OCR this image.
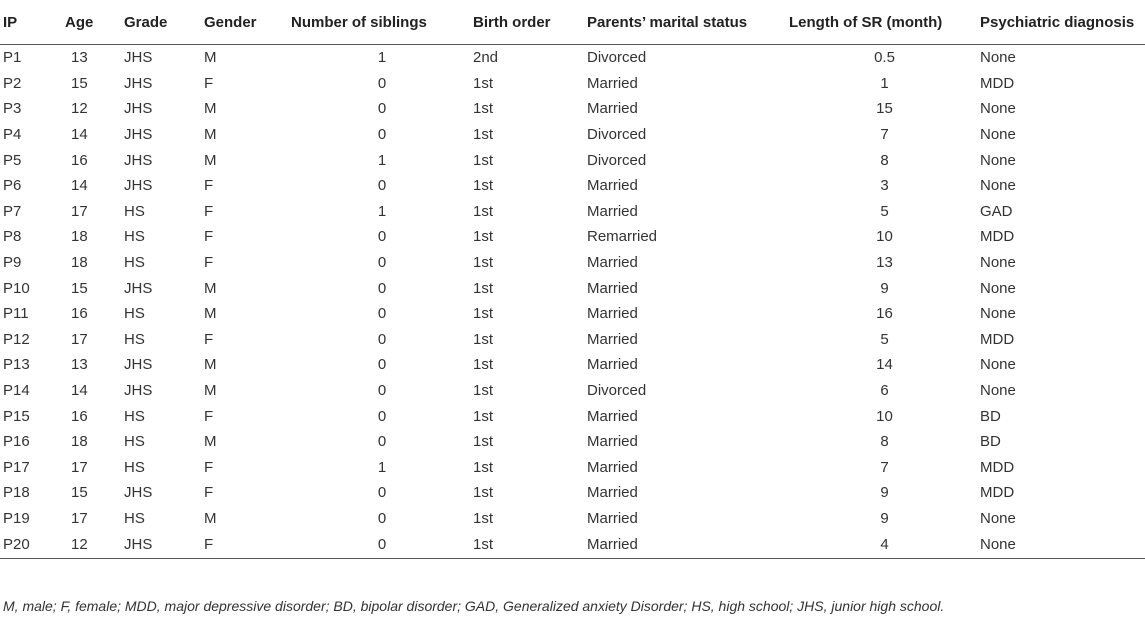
IP	Age	Grade	Gender	Number of siblings	Birth order	Parents’ marital status	Length of SR (month)	Psychiatric diagnosis
P1	13	JHS	M	1	2nd	Divorced	0.5	None
P2	15	JHS	F	0	1st	Married	1	MDD
P3	12	JHS	M	0	1st	Married	15	None
P4	14	JHS	M	0	1st	Divorced	7	None
P5	16	JHS	M	1	1st	Divorced	8	None
P6	14	JHS	F	0	1st	Married	3	None
P7	17	HS	F	1	1st	Married	5	GAD
P8	18	HS	F	0	1st	Remarried	10	MDD
P9	18	HS	F	0	1st	Married	13	None
P10	15	JHS	M	0	1st	Married	9	None
P11	16	HS	M	0	1st	Married	16	None
P12	17	HS	F	0	1st	Married	5	MDD
P13	13	JHS	M	0	1st	Married	14	None
P14	14	JHS	M	0	1st	Divorced	6	None
P15	16	HS	F	0	1st	Married	10	BD
P16	18	HS	M	0	1st	Married	8	BD
P17	17	HS	F	1	1st	Married	7	MDD
P18	15	JHS	F	0	1st	Married	9	MDD
P19	17	HS	M	0	1st	Married	9	None
P20	12	JHS	F	0	1st	Married	4	None
M, male; F, female; MDD, major depressive disorder; BD, bipolar disorder; GAD, Generalized anxiety Disorder; HS, high school; JHS, junior high school.
